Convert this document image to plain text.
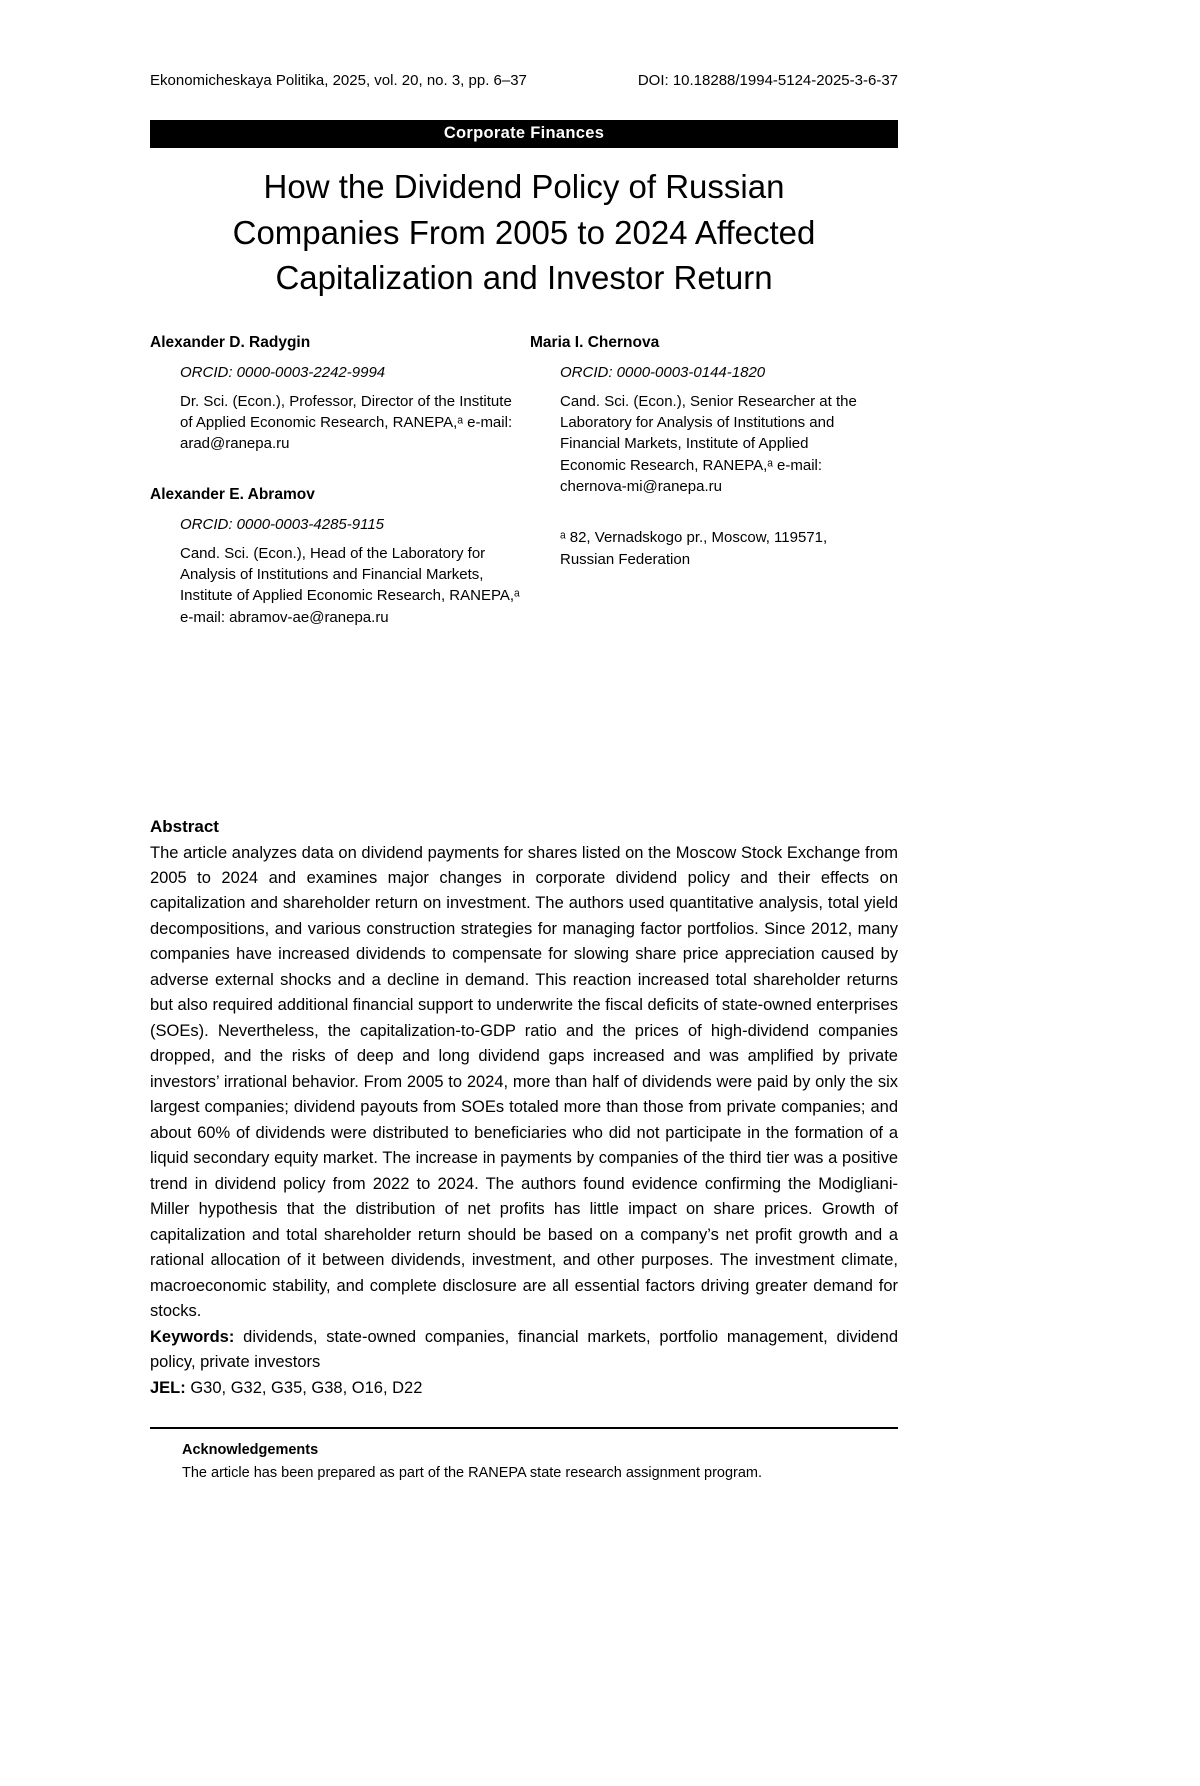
Ekonomicheskaya Politika, 2025, vol. 20, no. 3, pp. 6–37	DOI: 10.18288/1994-5124-2025-3-6-37
Corporate Finances
How the Dividend Policy of Russian Companies From 2005 to 2024 Affected Capitalization and Investor Return
Alexander D. Radygin
ORCID: 0000-0003-2242-9994
Dr. Sci. (Econ.), Professor, Director of the Institute of Applied Economic Research, RANEPA,ᵃ e-mail: arad@ranepa.ru
Alexander E. Abramov
ORCID: 0000-0003-4285-9115
Cand. Sci. (Econ.), Head of the Laboratory for Analysis of Institutions and Financial Markets, Institute of Applied Economic Research, RANEPA,ᵃ e-mail: abramov-ae@ranepa.ru
Maria I. Chernova
ORCID: 0000-0003-0144-1820
Cand. Sci. (Econ.), Senior Researcher at the Laboratory for Analysis of Institutions and Financial Markets, Institute of Applied Economic Research, RANEPA,ᵃ e-mail: chernova-mi@ranepa.ru
ᵃ 82, Vernadskogo pr., Moscow, 119571, Russian Federation
Abstract

The article analyzes data on dividend payments for shares listed on the Moscow Stock Exchange from 2005 to 2024 and examines major changes in corporate dividend policy and their effects on capitalization and shareholder return on investment. The authors used quantitative analysis, total yield decompositions, and various construction strategies for managing factor portfolios. Since 2012, many companies have increased dividends to compensate for slowing share price appreciation caused by adverse external shocks and a decline in demand. This reaction increased total shareholder returns but also required additional financial support to underwrite the fiscal deficits of state-owned enterprises (SOEs). Nevertheless, the capitalization-to-GDP ratio and the prices of high-dividend companies dropped, and the risks of deep and long dividend gaps increased and was amplified by private investors’ irrational behavior. From 2005 to 2024, more than half of dividends were paid by only the six largest companies; dividend payouts from SOEs totaled more than those from private companies; and about 60% of dividends were distributed to beneficiaries who did not participate in the formation of a liquid secondary equity market. The increase in payments by companies of the third tier was a positive trend in dividend policy from 2022 to 2024. The authors found evidence confirming the Modigliani-Miller hypothesis that the distribution of net profits has little impact on share prices. Growth of capitalization and total shareholder return should be based on a company’s net profit growth and a rational allocation of it between dividends, investment, and other purposes. The investment climate, macroeconomic stability, and complete disclosure are all essential factors driving greater demand for stocks.

Keywords: dividends, state-owned companies, financial markets, portfolio management, dividend policy, private investors

JEL: G30, G32, G35, G38, O16, D22

Acknowledgements
The article has been prepared as part of the RANEPA state research assignment program.
